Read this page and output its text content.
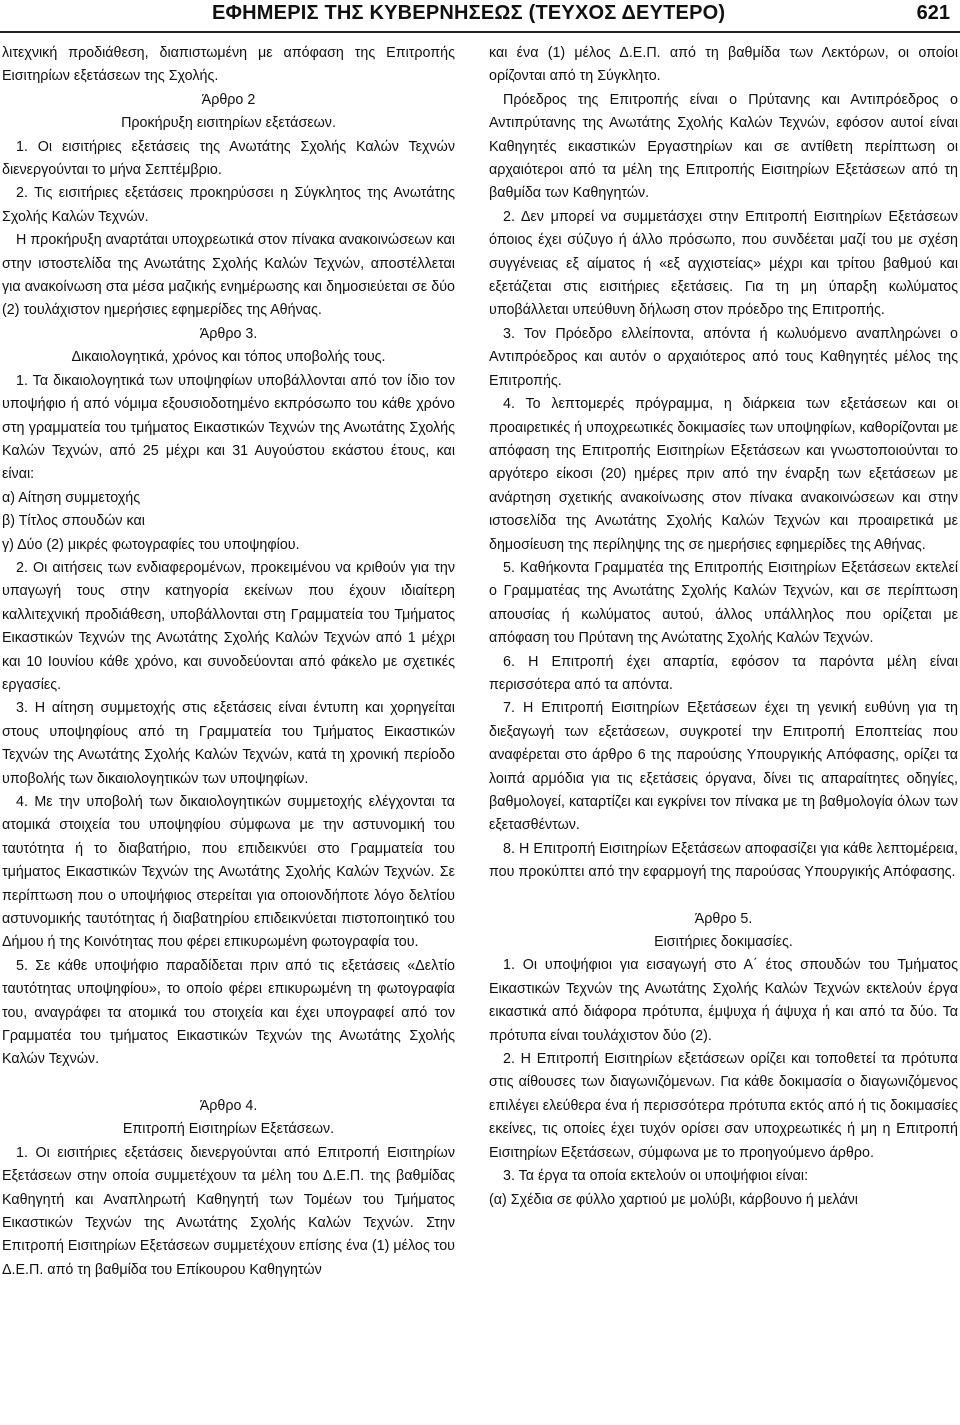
ΕΦΗΜΕΡΙΣ ΤΗΣ ΚΥΒΕΡΝΗΣΕΩΣ (ΤΕΥΧΟΣ ΔΕΥΤΕΡΟ)	621

λιτεχνική προδιάθεση, διαπιστωμένη με απόφαση της Επιτροπής Εισιτηρίων εξετάσεων της Σχολής.

Άρθρο 2

Προκήρυξη εισιτηρίων εξετάσεων.

1. Οι εισιτήριες εξετάσεις της Ανωτάτης Σχολής Καλών Τεχνών διενεργούνται το μήνα Σεπτέμβριο.

2. Τις εισιτήριες εξετάσεις προκηρύσσει η Σύγκλητος της Ανωτάτης Σχολής Καλών Τεχνών.

Η προκήρυξη αναρτάται υποχρεωτικά στον πίνακα ανακοινώσεων και στην ιστοστελίδα της Ανωτάτης Σχολής Καλών Τεχνών, αποστέλλεται για ανακοίνωση στα μέσα μαζικής ενημέρωσης και δημοσιεύεται σε δύο (2) τουλάχιστον ημερήσιες εφημερίδες της Αθήνας.

Άρθρο 3.

Δικαιολογητικά, χρόνος και τόπος υποβολής τους.

1. Τα δικαιολογητικά των υποψηφίων υποβάλλονται από τον ίδιο τον υποψήφιο ή από νόμιμα εξουσιοδοτημένο εκπρόσωπο του κάθε χρόνο στη γραμματεία του τμήματος Εικαστικών Τεχνών της Ανωτάτης Σχολής Καλών Τεχνών, από 25 μέχρι και 31 Αυγούστου εκάστου έτους, και είναι:

α) Αίτηση συμμετοχής

β) Τίτλος σπουδών και

γ) Δύο (2) μικρές φωτογραφίες του υποψηφίου.

2. Οι αιτήσεις των ενδιαφερομένων, προκειμένου να κριθούν για την υπαγωγή τους στην κατηγορία εκείνων που έχουν ιδιαίτερη καλλιτεχνική προδιάθεση, υποβάλλονται στη Γραμματεία του Τμήματος Εικαστικών Τεχνών της Ανωτάτης Σχολής Καλών Τεχνών από 1 μέχρι και 10 Ιουνίου κάθε χρόνο, και συνοδεύονται από φάκελο με σχετικές εργασίες.

3. Η αίτηση συμμετοχής στις εξετάσεις είναι έντυπη και χορηγείται στους υποψηφίους από τη Γραμματεία του Τμήματος Εικαστικών Τεχνών της Ανωτάτης Σχολής Καλών Τεχνών, κατά τη χρονική περίοδο υποβολής των δικαιολογητικών των υποψηφίων.

4. Με την υποβολή των δικαιολογητικών συμμετοχής ελέγχονται τα ατομικά στοιχεία του υποψηφίου σύμφωνα με την αστυνομική του ταυτότητα ή το διαβατήριο, που επιδεικνύει στο Γραμματεία του τμήματος Εικαστικών Τεχνών της Ανωτάτης Σχολής Καλών Τεχνών. Σε περίπτωση που ο υποψήφιος στερείται για οποιονδήποτε λόγο δελτίου αστυνομικής ταυτότητας ή διαβατηρίου επιδεικνύεται πιστοποιητικό του Δήμου ή της Κοινότητας που φέρει επικυρωμένη φωτογραφία του.

5. Σε κάθε υποψήφιο παραδίδεται πριν από τις εξετάσεις «Δελτίο ταυτότητας υποψηφίου», το οποίο φέρει επικυρωμένη τη φωτογραφία του, αναγράφει τα ατομικά του στοιχεία και έχει υπογραφεί από τον Γραμματέα του τμήματος Εικαστικών Τεχνών της Ανωτάτης Σχολής Καλών Τεχνών.

Άρθρο 4.

Επιτροπή Εισιτηρίων Εξετάσεων.

1. Οι εισιτήριες εξετάσεις διενεργούνται από Επιτροπή Εισιτηρίων Εξετάσεων στην οποία συμμετέχουν τα μέλη του Δ.Ε.Π. της βαθμίδας Καθηγητή και Αναπληρωτή Καθηγητή των Τομέων του Τμήματος Εικαστικών Τεχνών της Ανωτάτης Σχολής Καλών Τεχνών. Στην Επιτροπή Εισιτηρίων Εξετάσεων συμμετέχουν επίσης ένα (1) μέλος του Δ.Ε.Π. από τη βαθμίδα του Επίκουρου Καθηγητών

και ένα (1) μέλος Δ.Ε.Π. από τη βαθμίδα των Λεκτόρων, οι οποίοι ορίζονται από τη Σύγκλητο.

Πρόεδρος της Επιτροπής είναι ο Πρύτανης και Αντιπρόεδρος ο Αντιπρύτανης της Ανωτάτης Σχολής Καλών Τεχνών, εφόσον αυτοί είναι Καθηγητές εικαστικών Εργαστηρίων και σε αντίθετη περίπτωση οι αρχαιότεροι από τα μέλη της Επιτροπής Εισιτηρίων Εξετάσεων από τη βαθμίδα των Καθηγητών.

2. Δεν μπορεί να συμμετάσχει στην Επιτροπή Εισιτηρίων Εξετάσεων όποιος έχει σύζυγο ή άλλο πρόσωπο, που συνδέεται μαζί του με σχέση συγγένειας εξ αίματος ή «εξ αγχιστείας» μέχρι και τρίτου βαθμού και εξετάζεται στις εισιτήριες εξετάσεις. Για τη μη ύπαρξη κωλύματος υποβάλλεται υπεύθυνη δήλωση στον πρόεδρο της Επιτροπής.

3. Τον Πρόεδρο ελλείποντα, απόντα ή κωλυόμενο αναπληρώνει ο Αντιπρόεδρος και αυτόν ο αρχαιότερος από τους Καθηγητές μέλος της Επιτροπής.

4. Το λεπτομερές πρόγραμμα, η διάρκεια των εξετάσεων και οι προαιρετικές ή υποχρεωτικές δοκιμασίες των υποψηφίων, καθορίζονται με απόφαση της Επιτροπής Εισιτηρίων Εξετάσεων και γνωστοποιούνται το αργότερο είκοσι (20) ημέρες πριν από την έναρξη των εξετάσεων με ανάρτηση σχετικής ανακοίνωσης στον πίνακα ανακοινώσεων και στην ιστοσελίδα της Ανωτάτης Σχολής Καλών Τεχνών και προαιρετικά με δημοσίευση της περίληψης της σε ημερήσιες εφημερίδες της Αθήνας.

5. Καθήκοντα Γραμματέα της Επιτροπής Εισιτηρίων Εξετάσεων εκτελεί ο Γραμματέας της Ανωτάτης Σχολής Καλών Τεχνών, και σε περίπτωση απουσίας ή κωλύματος αυτού, άλλος υπάλληλος που ορίζεται με απόφαση του Πρύτανη της Ανώτατης Σχολής Καλών Τεχνών.

6. Η Επιτροπή έχει απαρτία, εφόσον τα παρόντα μέλη είναι περισσότερα από τα απόντα.

7. Η Επιτροπή Εισιτηρίων Εξετάσεων έχει τη γενική ευθύνη για τη διεξαγωγή των εξετάσεων, συγκροτεί την Επιτροπή Εποπτείας που αναφέρεται στο άρθρο 6 της παρούσης Υπουργικής Απόφασης, ορίζει τα λοιπά αρμόδια για τις εξετάσεις όργανα, δίνει τις απαραίτητες οδηγίες, βαθμολογεί, καταρτίζει και εγκρίνει τον πίνακα με τη βαθμολογία όλων των εξετασθέντων.

8. Η Επιτροπή Εισιτηρίων Εξετάσεων αποφασίζει για κάθε λεπτομέρεια, που προκύπτει από την εφαρμογή της παρούσας Υπουργικής Απόφασης.

Άρθρο 5.

Εισιτήριες δοκιμασίες.

1. Οι υποψήφιοι για εισαγωγή στο Α΄ έτος σπουδών του Τμήματος Εικαστικών Τεχνών της Ανωτάτης Σχολής Καλών Τεχνών εκτελούν έργα εικαστικά από διάφορα πρότυπα, έμψυχα ή άψυχα ή και από τα δύο. Τα πρότυπα είναι τουλάχιστον δύο (2).

2. Η Επιτροπή Εισιτηρίων εξετάσεων ορίζει και τοποθετεί τα πρότυπα στις αίθουσες των διαγωνιζόμενων. Για κάθε δοκιμασία ο διαγωνιζόμενος επιλέγει ελεύθερα ένα ή περισσότερα πρότυπα εκτός από ή τις δοκιμασίες εκείνες, τις οποίες έχει τυχόν ορίσει σαν υποχρεωτικές ή μη η Επιτροπή Εισιτηρίων Εξετάσεων, σύμφωνα με το προηγούμενο άρθρο.

3. Τα έργα τα οποία εκτελούν οι υποψήφιοι είναι:

(α) Σχέδια σε φύλλο χαρτιού με μολύβι, κάρβουνο ή μελάνι
